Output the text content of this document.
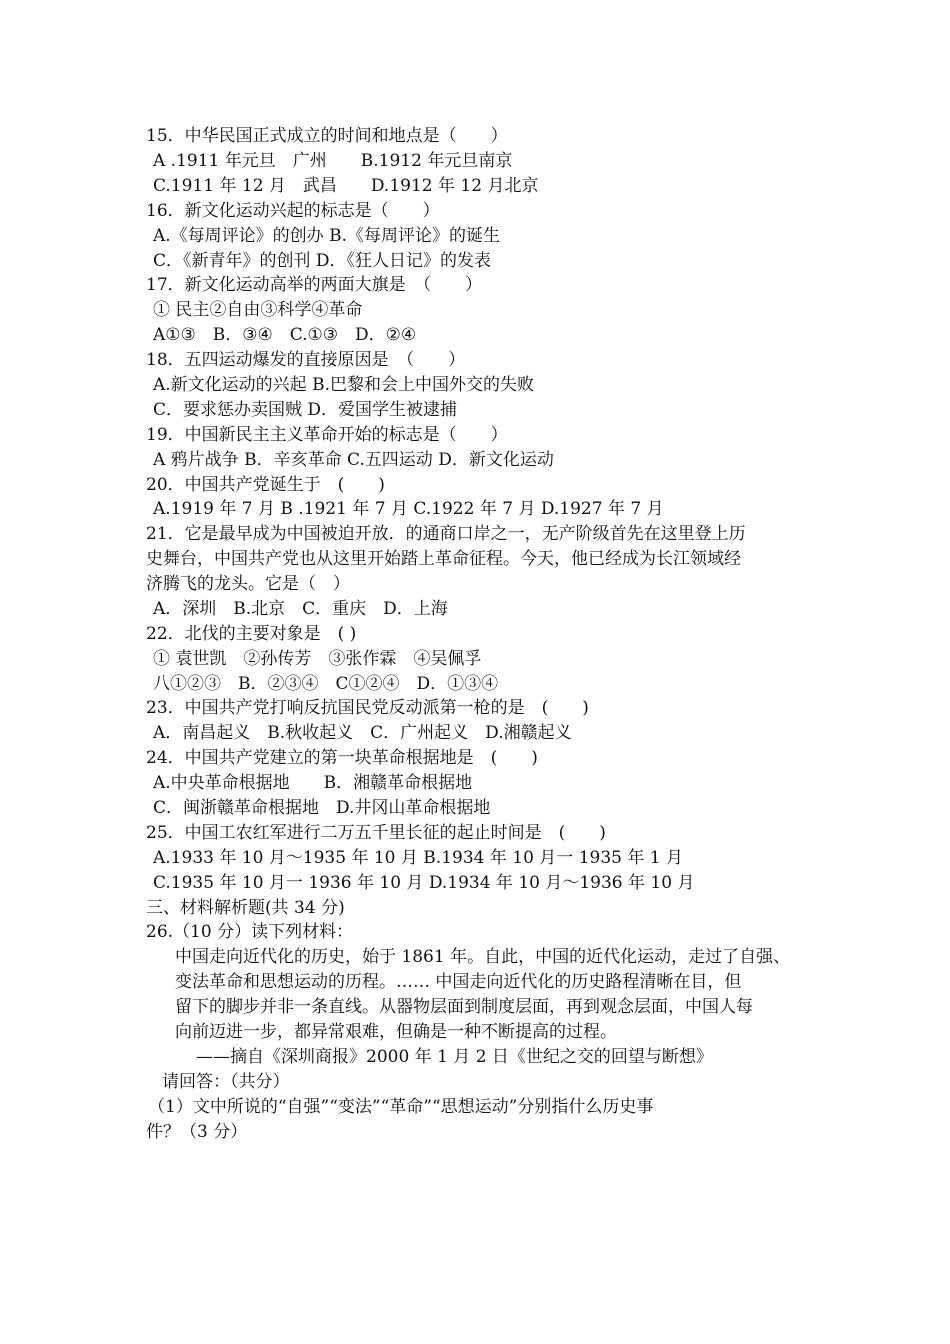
15．中华民国正式成立的时间和地点是（　　）
A .1911 年元旦　广州　　B.1912 年元旦南京
C.1911 年 12 月　武昌　　D.1912 年 12 月北京
16．新文化运动兴起的标志是（　　）
A.《每周评论》的创办 B.《每周评论》的诞生
C．《新青年》的创刊 D．《狂人日记》的发表
17．新文化运动高举的两面大旗是　（　　）
① 民主②自由③科学④革命
A①③　B．③④　C.①③　D．②④
18．五四运动爆发的直接原因是　（　　）
A.新文化运动的兴起 B.巴黎和会上中国外交的失败
C．要求惩办卖国贼 D．爱国学生被逮捕
19．中国新民主主义革命开始的标志是（　　）
A 鸦片战争 B．辛亥革命 C.五四运动 D．新文化运动
20．中国共产党诞生于　(　　)
A.1919 年 7 月 B .1921 年 7 月 C.1922 年 7 月 D.1927 年 7 月
21．它是最早成为中国被迫开放．的通商口岸之一，无产阶级首先在这里登上历
史舞台，中国共产党也从这里开始踏上革命征程。今天，他已经成为长江领域经
济腾飞的龙头。它是（　）
A．深圳　B.北京　C．重庆　D．上海
22．北伐的主要对象是　( )
① 袁世凯　②孙传芳　③张作霖　④吴佩孚
八①②③　B．②③④　C①②④　D．①③④
23．中国共产党打响反抗国民党反动派第一枪的是　(　　)
A．南昌起义　B.秋收起义　C．广州起义　D.湘赣起义
24．中国共产党建立的第一块革命根据地是　(　　)
A.中央革命根据地　　B．湘赣革命根据地
C．闽浙赣革命根据地　D.井冈山革命根据地
25．中国工农红军进行二万五千里长征的起止时间是　(　　)
A.1933 年 10 月～1935 年 10 月 B.1934 年 10 月一 1935 年 1 月
C.1935 年 10 月一 1936 年 10 月 D.1934 年 10 月～1936 年 10 月
三、材料解析题(共 34 分)
26.（10 分）读下列材料：
中国走向近代化的历史，始于 1861 年。自此，中国的近代化运动，走过了自强、
变法革命和思想运动的历程。…… 中国走向近代化的历史路程清晰在目，但
留下的脚步并非一条直线。从器物层面到制度层面，再到观念层面，中国人每
向前迈进一步，都异常艰难，但确是一种不断提高的过程。
——摘自《深圳商报》2000 年 1 月 2 日《世纪之交的回望与断想》
请回答：（共分）
（1）文中所说的“自强”“变法”“革命”“思想运动”分别指什么历史事
件？（3 分）
